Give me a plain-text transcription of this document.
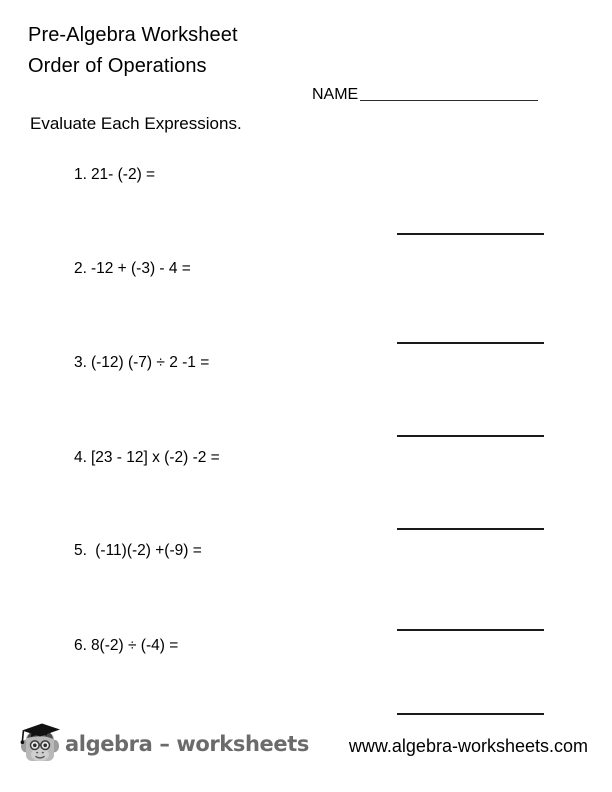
Pre-Algebra Worksheet
Order of Operations
NAME
Evaluate Each Expressions.
1. 21- (-2) =
2. -12 + (-3) - 4 =
3. (-12) (-7) ÷ 2 -1 =
4. [23 - 12] x (-2) -2 =
5. (-11)(-2) +(-9) =
6. 8(-2) ÷ (-4) =
algebra – worksheets www.algebra-worksheets.com
